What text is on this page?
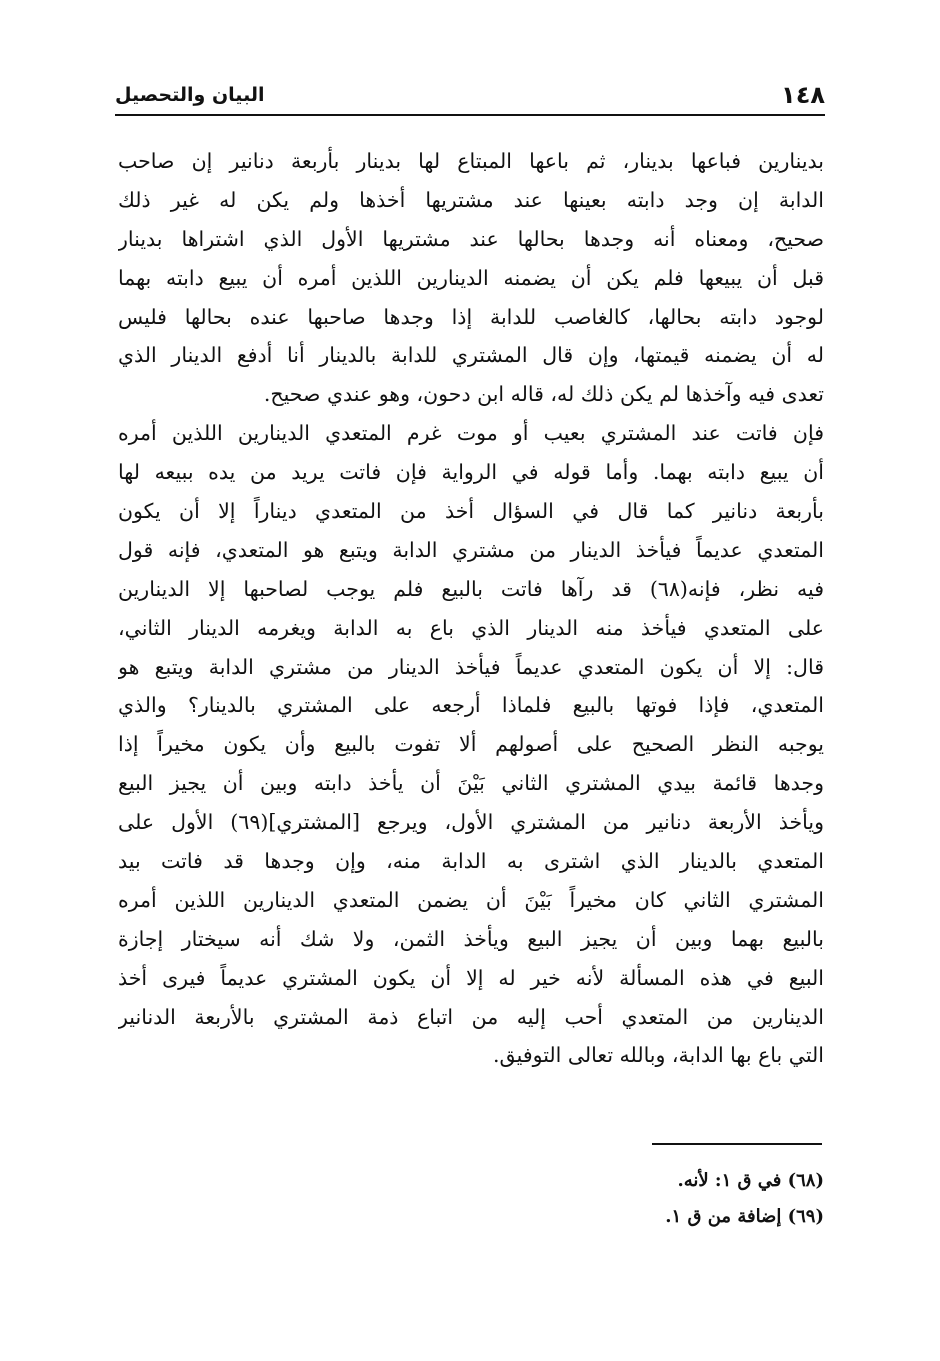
١٤٨
البيان والتحصيل
بدينارين فباعها بدينار، ثم باعها المبتاع لها بدينار بأربعة دنانير إن صاحب
الدابة إن وجد دابته بعينها عند مشتريها أخذها ولم يكن له غير ذلك
صحيح، ومعناه أنه وجدها بحالها عند مشتريها الأول الذي اشتراها بدينار
قبل أن يبيعها فلم يكن أن يضمنه الدينارين اللذين أمره أن يبيع دابته بهما
لوجود دابته بحالها، كالغاصب للدابة إذا وجدها صاحبها عنده بحالها فليس
له أن يضمنه قيمتها، وإن قال المشتري للدابة بالدينار أنا أدفع الدينار الذي
تعدى فيه وآخذها لم يكن ذلك له، قاله ابن دحون، وهو عندي صحيح.
فإن فاتت عند المشتري بعيب أو موت غرم المتعدي الدينارين اللذين أمره
أن يبيع دابته بهما. وأما قوله في الرواية فإن فاتت يريد من يده ببيعه لها
بأربعة دنانير كما قال في السؤال أخذ من المتعدي ديناراً إلا أن يكون
المتعدي عديماً فيأخذ الدينار من مشتري الدابة ويتبع هو المتعدي، فإنه قول
فيه نظر، فإنه(٦٨) قد رآها فاتت بالبيع فلم يوجب لصاحبها إلا الدينارين
على المتعدي فيأخذ منه الدينار الذي باع به الدابة ويغرمه الدينار الثاني،
قال: إلا أن يكون المتعدي عديماً فيأخذ الدينار من مشتري الدابة ويتبع هو
المتعدي، فإذا فوتها بالبيع فلماذا أرجعه على المشتري بالدينار؟ والذي
يوجبه النظر الصحيح على أصولهم ألا تفوت بالبيع وأن يكون مخيراً إذا
وجدها قائمة بيدي المشتري الثاني بَيْنَ أن يأخذ دابته وبين أن يجيز البيع
ويأخذ الأربعة دنانير من المشتري الأول، ويرجع [المشتري](٦٩) الأول على
المتعدي بالدينار الذي اشترى به الدابة منه، وإن وجدها قد فاتت بيد
المشتري الثاني كان مخيراً بَيْنَ أن يضمن المتعدي الدينارين اللذين أمره
بالبيع بهما وبين أن يجيز البيع ويأخذ الثمن، ولا شك أنه سيختار إجازة
البيع في هذه المسألة لأنه خير له إلا أن يكون المشتري عديماً فيرى أخذ
الدينارين من المتعدي أحب إليه من اتباع ذمة المشتري بالأربعة الدنانير
التي باع بها الدابة، وبالله تعالى التوفيق.
(٦٨) في ق ١: لأنه.
(٦٩) إضافة من ق ١.
